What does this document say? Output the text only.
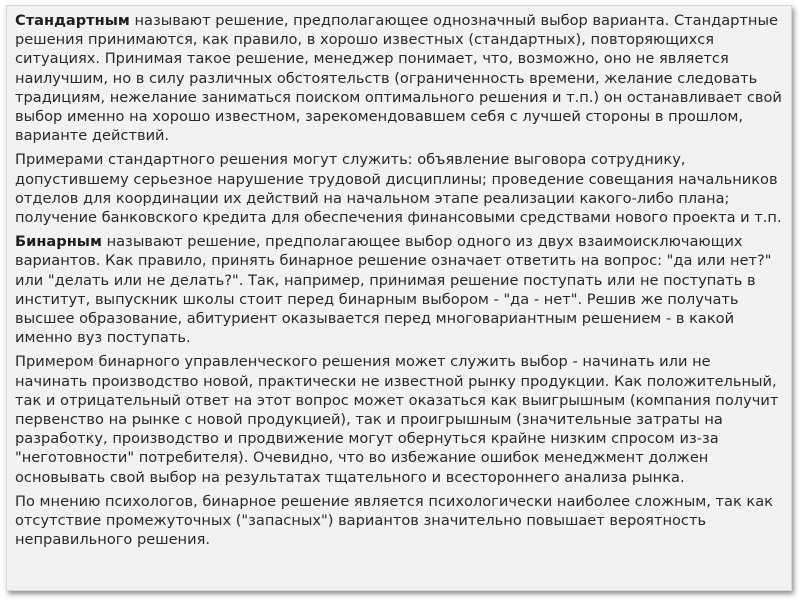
Стандартным называют решение, предполагающее однозначный выбор варианта. Стандартные решения принимаются, как правило, в хорошо известных (стандартных), повторяющихся ситуациях. Принимая такое решение, менеджер понимает, что, возможно, оно не является наилучшим, но в силу различных обстоятельств (ограниченность времени, желание следовать традициям, нежелание заниматься поиском оптимального решения и т.п.) он останавливает свой выбор именно на хорошо известном, зарекомендовавшем себя с лучшей стороны в прошлом, варианте действий.

Примерами стандартного решения могут служить: объявление выговора сотруднику, допустившему серьезное нарушение трудовой дисциплины; проведение совещания начальников отделов для координации их действий на начальном этапе реализации какого-либо плана; получение банковского кредита для обеспечения финансовыми средствами нового проекта и т.п.

Бинарным называют решение, предполагающее выбор одного из двух взаимоисключающих вариантов. Как правило, принять бинарное решение означает ответить на вопрос: "да или нет?" или "делать или не делать?". Так, например, принимая решение поступать или не поступать в институт, выпускник школы стоит перед бинарным выбором - "да - нет". Решив же получать высшее образование, абитуриент оказывается перед многовариантным решением - в какой именно вуз поступать.

Примером бинарного управленческого решения может служить выбор - начинать или не начинать производство новой, практически не известной рынку продукции. Как положительный, так и отрицательный ответ на этот вопрос может оказаться как выигрышным (компания получит первенство на рынке с новой продукцией), так и проигрышным (значительные затраты на разработку, производство и продвижение могут обернуться крайне низким спросом из-за "неготовности" потребителя). Очевидно, что во избежание ошибок менеджмент должен основывать свой выбор на результатах тщательного и всестороннего анализа рынка.

По мнению психологов, бинарное решение является психологически наиболее сложным, так как отсутствие промежуточных ("запасных") вариантов значительно повышает вероятность неправильного решения.
